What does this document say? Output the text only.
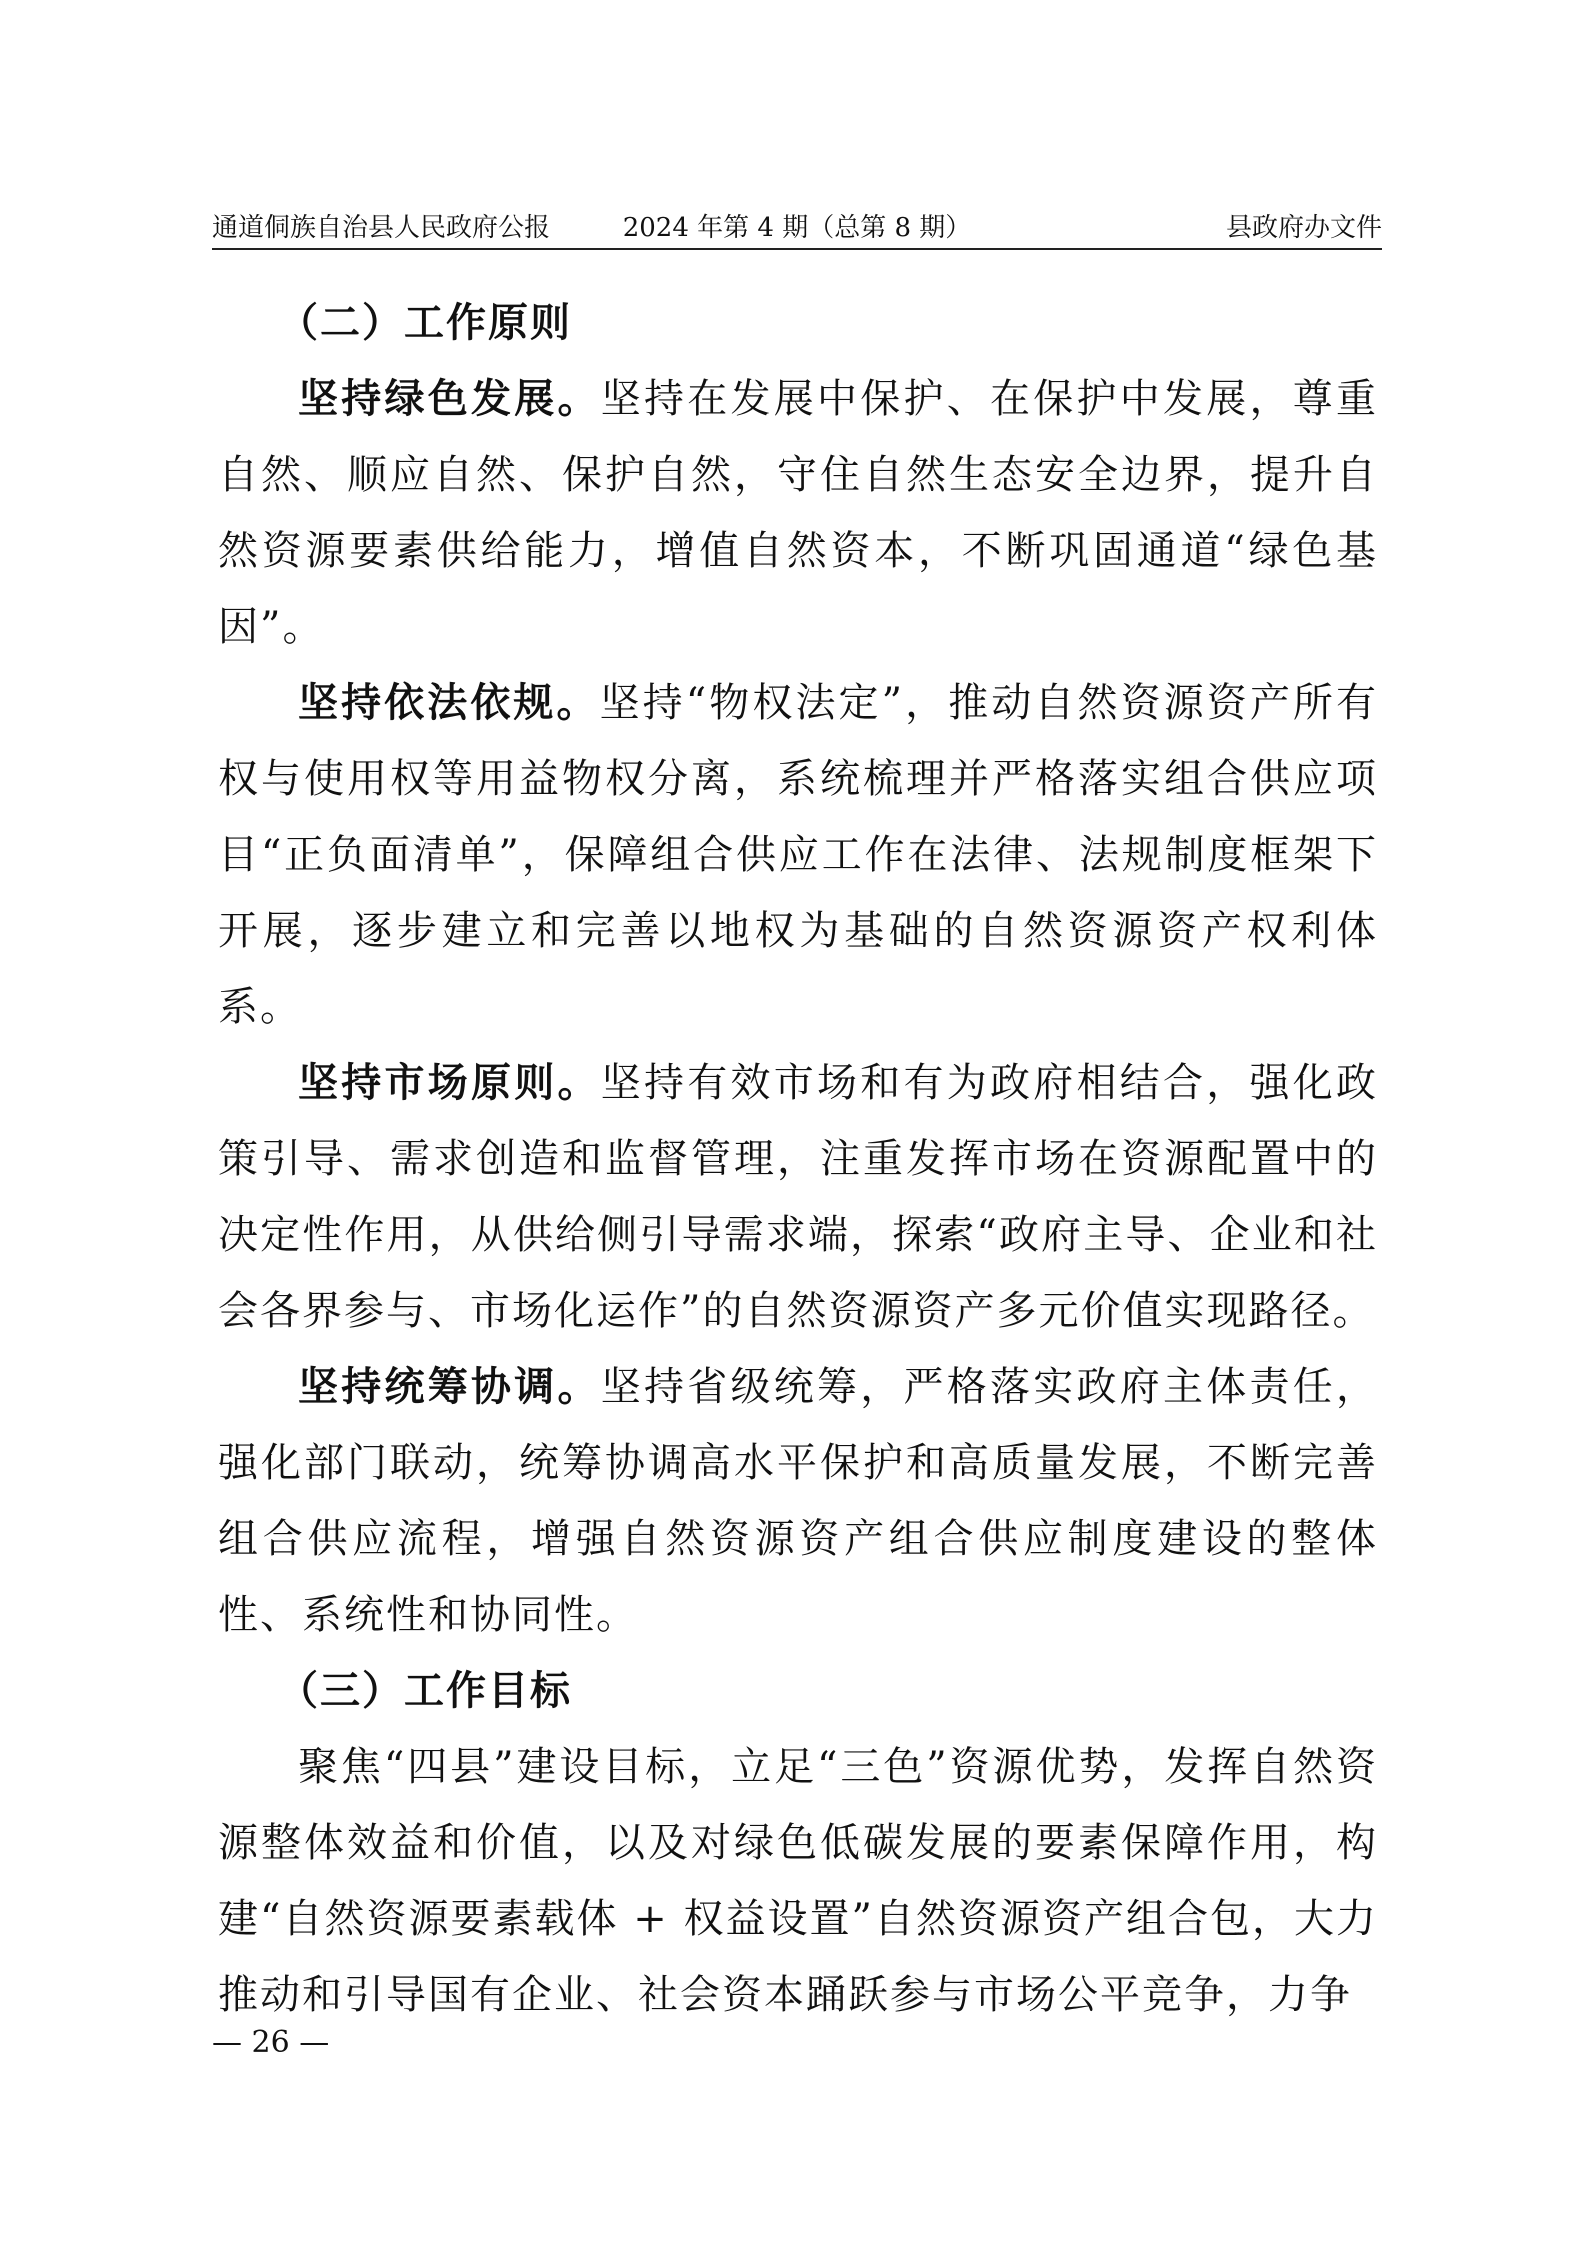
通道侗族自治县人民政府公报	2024 年第 4 期（总第 8 期）	县政府办文件

（二）工作原则

坚持绿色发展。坚持在发展中保护、在保护中发展，尊重自然、顺应自然、保护自然，守住自然生态安全边界，提升自然资源要素供给能力，增值自然资本，不断巩固通道“绿色基因”。

坚持依法依规。坚持“物权法定”，推动自然资源资产所有权与使用权等用益物权分离，系统梳理并严格落实组合供应项目“正负面清单”，保障组合供应工作在法律、法规制度框架下开展，逐步建立和完善以地权为基础的自然资源资产权利体系。

坚持市场原则。坚持有效市场和有为政府相结合，强化政策引导、需求创造和监督管理，注重发挥市场在资源配置中的决定性作用，从供给侧引导需求端，探索“政府主导、企业和社会各界参与、市场化运作”的自然资源资产多元价值实现路径。

坚持统筹协调。坚持省级统筹，严格落实政府主体责任，强化部门联动，统筹协调高水平保护和高质量发展，不断完善组合供应流程，增强自然资源资产组合供应制度建设的整体性、系统性和协同性。

（三）工作目标

聚焦“四县”建设目标，立足“三色”资源优势，发挥自然资源整体效益和价值，以及对绿色低碳发展的要素保障作用，构建“自然资源要素载体 + 权益设置”自然资源资产组合包，大力推动和引导国有企业、社会资本踊跃参与市场公平竞争，力争

— 26 —
